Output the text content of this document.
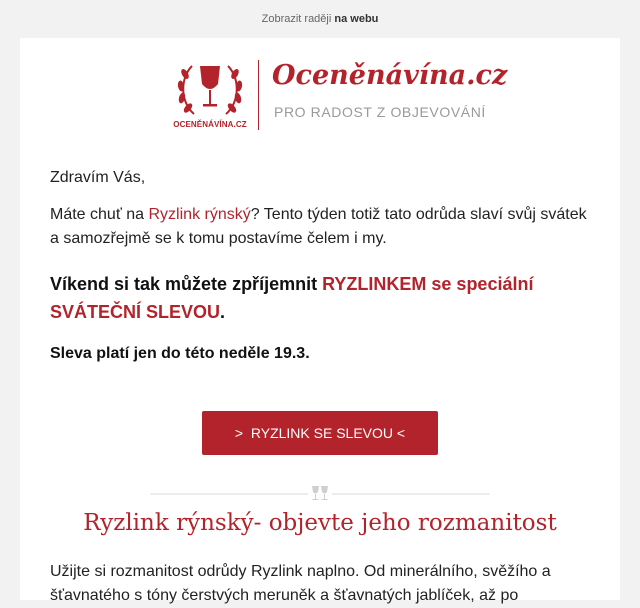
Zobrazit raději na webu
OCENĚNÁVÍNA.CZ
Oceněnávína.cz
PRO RADOST Z OBJEVOVÁNÍ
Zdravím Vás,
Máte chuť na Ryzlink rýnský? Tento týden totiž tato odrůda slaví svůj svátek a samozřejmě se k tomu postavíme čelem i my.
Víkend si tak můžete zpříjemnit RYZLINKEM se speciální SVÁTEČNÍ SLEVOU.
Sleva platí jen do této neděle 19.3.
>  RYZLINK SE SLEVOU <
Ryzlink rýnský- objevte jeho rozmanitost
Užijte si rozmanitost odrůdy Ryzlink naplno. Od minerálního, svěžího a šťavnatého s tóny čerstvých meruněk a šťavnatých jablíček, až po
